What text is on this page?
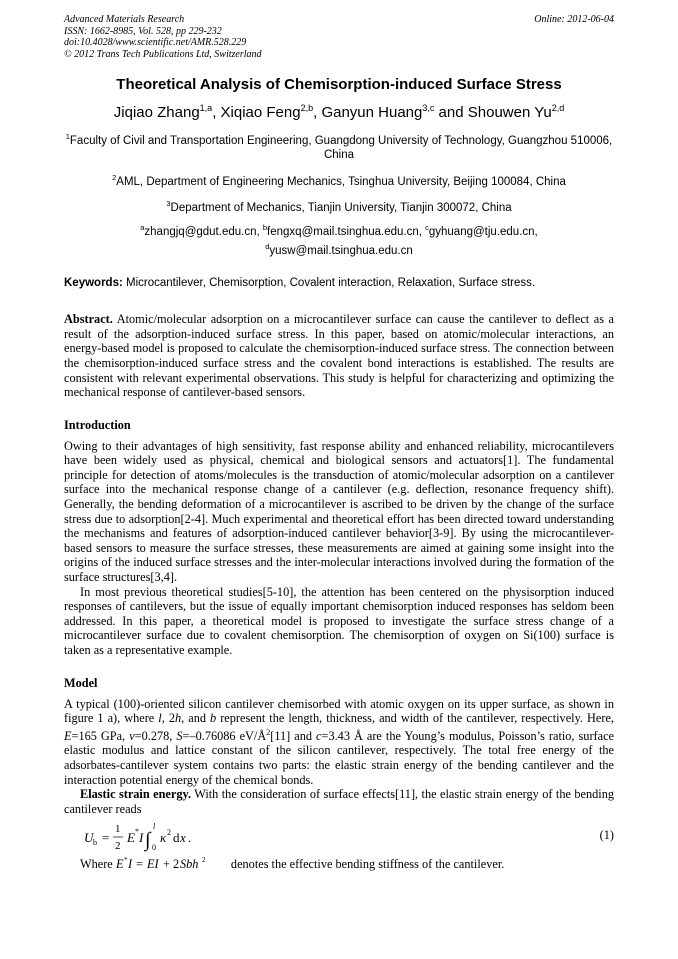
Advanced Materials Research
ISSN: 1662-8985, Vol. 528, pp 229-232
doi:10.4028/www.scientific.net/AMR.528.229
© 2012 Trans Tech Publications Ltd, Switzerland
Online: 2012-06-04
Theoretical Analysis of Chemisorption-induced Surface Stress
Jiqiao Zhang$^{1,a}$, Xiqiao Feng$^{2,b}$, Ganyun Huang$^{3,c}$ and Shouwen Yu$^{2,d}$
$^1$Faculty of Civil and Transportation Engineering, Guangdong University of Technology, Guangzhou 510006, China
$^2$AML, Department of Engineering Mechanics, Tsinghua University, Beijing 100084, China
$^3$Department of Mechanics, Tianjin University, Tianjin 300072, China
$^a$zhangjq@gdut.edu.cn, $^b$fengxq@mail.tsinghua.edu.cn, $^c$gyhuang@tju.edu.cn,
$^d$yusw@mail.tsinghua.edu.cn
Keywords: Microcantilever, Chemisorption, Covalent interaction, Relaxation, Surface stress.
Abstract. Atomic/molecular adsorption on a microcantilever surface can cause the cantilever to deflect as a result of the adsorption-induced surface stress. In this paper, based on atomic/molecular interactions, an energy-based model is proposed to calculate the chemisorption-induced surface stress. The connection between the chemisorption-induced surface stress and the covalent bond interactions is established. The results are consistent with relevant experimental observations. This study is helpful for characterizing and optimizing the mechanical response of cantilever-based sensors.
Introduction
Owing to their advantages of high sensitivity, fast response ability and enhanced reliability, microcantilevers have been widely used as physical, chemical and biological sensors and actuators[1]. The fundamental principle for detection of atoms/molecules is the transduction of atomic/molecular adsorption on a cantilever surface into the mechanical response change of a cantilever (e.g. deflection, resonance frequency shift). Generally, the bending deformation of a microcantilever is ascribed to be driven by the change of the surface stress due to adsorption[2-4]. Much experimental and theoretical effort has been directed toward understanding the mechanisms and features of adsorption-induced cantilever behavior[3-9]. By using the microcantilever-based sensors to measure the surface stresses, these measurements are aimed at gaining some insight into the origins of the induced surface stresses and the inter-molecular interactions involved during the formation of the surface structures[3,4].
In most previous theoretical studies[5-10], the attention has been centered on the physisorption induced responses of cantilevers, but the issue of equally important chemisorption induced responses has seldom been addressed. In this paper, a theoretical model is proposed to investigate the surface stress change of a microcantilever surface due to covalent chemisorption. The chemisorption of oxygen on Si(100) surface is taken as a representative example.
Model
A typical (100)-oriented silicon cantilever chemisorbed with atomic oxygen on its upper surface, as shown in figure 1 a), where l, 2h, and b represent the length, thickness, and width of the cantilever, respectively. Here, E=165 GPa, ν=0.278, S=–0.76086 $eV/Å^2[11]$ and c=3.43 Å are the Young’s modulus, Poisson’s ratio, surface elastic modulus and lattice constant of the silicon cantilever, respectively. The total free energy of the adsorbates-cantilever system contains two parts: the elastic strain energy of the bending cantilever and the interaction potential energy of the chemical bonds.
Elastic strain energy. With the consideration of surface effects[11], the elastic strain energy of the bending cantilever reads
U b =
1
2
E * I ∫
l
0
κ 2 d x .	(1)
Where E * I = EI + 2 Sbh 2 denotes the effective bending stiffness of the cantilever.
